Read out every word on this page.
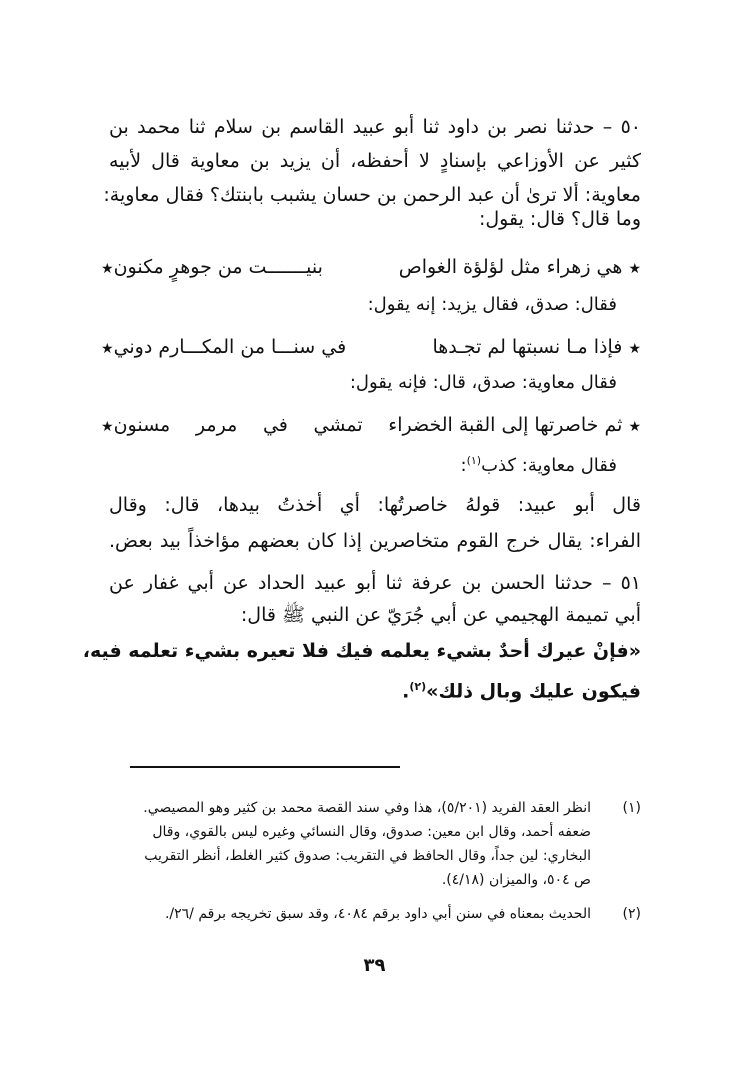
٥٠ – حدثنا نصر بن داود ثنا أبو عبيد القاسم بن سلام ثنا محمد بن
كثير عن الأوزاعي بإسنادٍ لا أحفظه، أن يزيد بن معاوية قال لأبيه
معاوية: ألا ترىٰ أن عبد الرحمن بن حسان يشبب بابنتك؟ فقال معاوية:
وما قال؟ قال: يقول:
★ هي زهراء مثل لؤلؤة الغواص
بنيـــــــت من جوهرٍ مكنون★
فقال: صدق، فقال يزيد: إنه يقول:
★ فإذا مـا نسبتها لم تجـدها
في سنـــا من المكـــارم دوني★
فقال معاوية: صدق، قال: فإنه يقول:
★ ثم خاصرتها إلى القبة الخضراء
تمشي
في
مرمر
مسنون★
فقال معاوية: كذب$^{(١)}$:
قال أبو عبيد: قولهُ خاصرتُها: أي أخذتُ بيدها، قال: وقال
الفراء: يقال خرج القوم متخاصرين إذا كان بعضهم مؤاخذاً بيد بعض.
٥١ – حدثنا الحسن بن عرفة ثنا أبو عبيد الحداد عن أبي غفار عن
أبي تميمة الهجيمي عن أبي جُرَيّ عن النبي ﷺ قال:
«فإنْ عيرك أحدٌ بشيء يعلمه فيك فلا تعيره بشيء تعلمه فيه،
فيكون عليك وبال ذلك»$^{(٢)}$.
(١)
انظر العقد الفريد (٥/٢٠١)، هذا وفي سند القصة محمد بن كثير وهو المصيصي.
ضعفه أحمد، وقال ابن معين: صدوق، وقال النسائي وغيره ليس بالقوي، وقال
البخاري: لين جداً، وقال الحافظ في التقريب: صدوق كثير الغلط، أنظر التقريب
ص ٥٠٤، والميزان (٤/١٨).
(٢)
الحديث بمعناه في سنن أبي داود برقم ٤٠٨٤، وقد سبق تخريجه برقم /٢٦/.
٣٩
